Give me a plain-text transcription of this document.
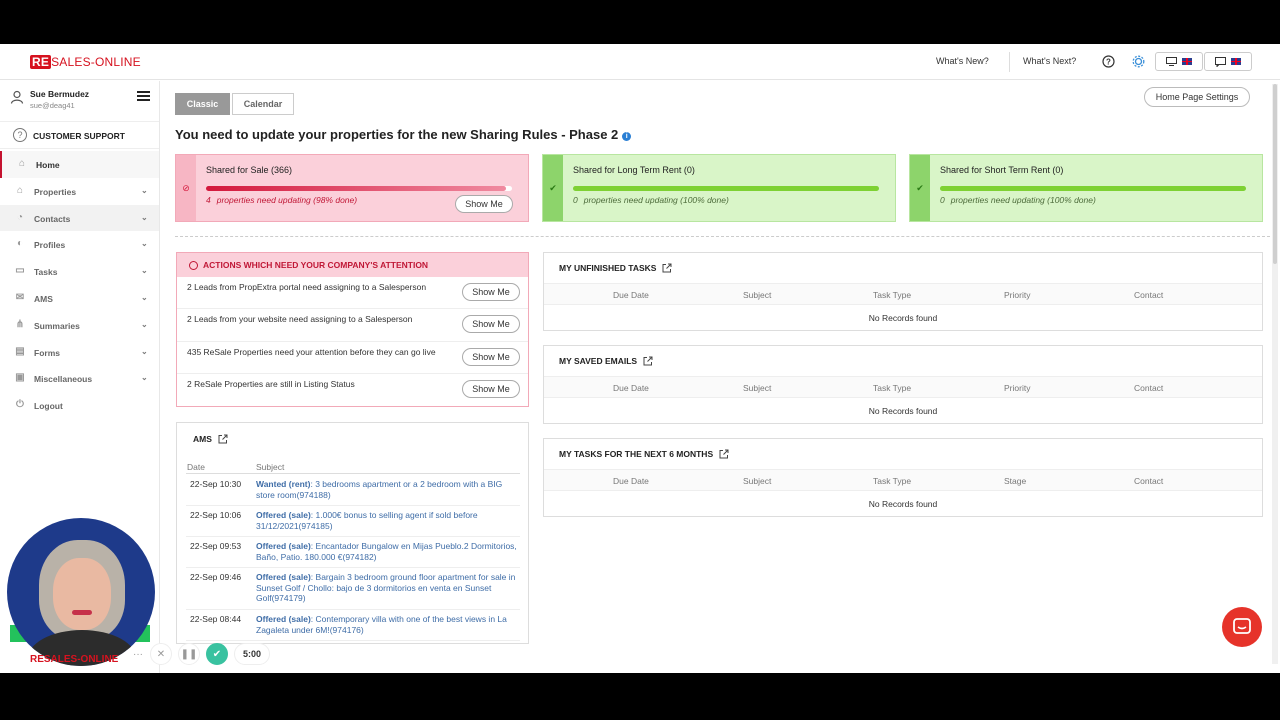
RE SALES-ONLINE	What's New?	What's Next?	?
Sue Bermudez
sue@deag41
?	CUSTOMER SUPPORT
⌂	Home
⌂	Properties	⌄
◔	Contacts	⌄
◐	Profiles	⌄
▭ Tasks	⌄
✉	AMS	⌄
⋔	Summaries	⌄
▤ Forms	⌄
▣ Miscellaneous	⌄
⏻	Logout
Classic	Calendar
Home Page Settings
You need to update your properties for the new Sharing Rules - Phase 2 i
⊘
Shared for Sale (366)
4 properties need updating (98% done)	Show Me
✔
Shared for Long Term Rent (0)
0 properties need updating (100% done)
✔
Shared for Short Term Rent (0)
0 properties need updating (100% done)
ACTIONS WHICH NEED YOUR COMPANY'S ATTENTION
2 Leads from PropExtra portal need assigning to a Salesperson	Show Me
2 Leads from your website need assigning to a Salesperson	Show Me
435 ReSale Properties need your attention before they can go live	Show Me
2 ReSale Properties are still in Listing Status	Show Me
AMS
Date	Subject
22-Sep 10:30 Wanted (rent): 3 bedrooms apartment or a 2 bedroom with a BIG store room(974188)
22-Sep 10:06 Offered (sale): 1.000€ bonus to selling agent if sold before 31/12/2021(974185)
22-Sep 09:53 Offered (sale): Encantador Bungalow en Mijas Pueblo.2 Dormitorios, Baño, Patio. 180.000 €(974182)
22-Sep 09:46 Offered (sale): Bargain 3 bedroom ground floor apartment for sale in Sunset Golf / Chollo: bajo de 3 dormitorios en venta en Sunset Golf(974179)
22-Sep 08:44 Offered (sale): Contemporary villa with one of the best views in La Zagaleta under 6M!(974176)
MY UNFINISHED TASKS
Due Date	Subject	Task Type	Priority	Contact
No Records found
MY SAVED EMAILS
Due Date	Subject	Task Type	Priority	Contact
No Records found
MY TASKS FOR THE NEXT 6 MONTHS
Due Date	Subject	Task Type	Stage	Contact
No Records found
RESALES-ONLINE ···	✕	❚❚	✔	5:00
